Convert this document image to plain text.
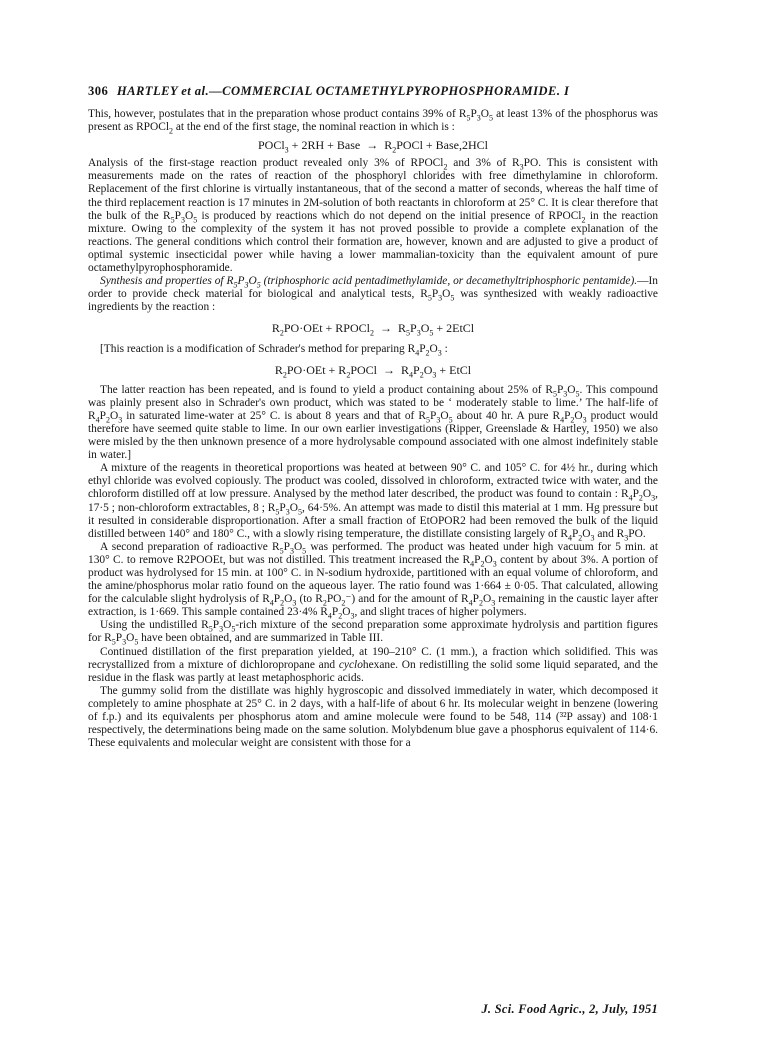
306 HARTLEY et al.—COMMERCIAL OCTAMETHYLPYROPHOSPHORAMIDE. I

This, however, postulates that in the preparation whose product contains 39% of $R_5P_3O_5$ at least 13% of the phosphorus was present as RPOCl$_2$ at the end of the first stage, the nominal reaction in which is :

POCl$_3$ + 2RH + Base  →  $R_2POCl$ + Base,2HCl

Analysis of the first-stage reaction product revealed only 3% of RPOCl$_2$ and 3% of $R_3PO$. This is consistent with measurements made on the rates of reaction of the phosphoryl chlorides with free dimethylamine in chloroform. Replacement of the first chlorine is virtually instantaneous, that of the second a matter of seconds, whereas the half time of the third replacement reaction is 17 minutes in 2M-solution of both reactants in chloroform at 25° C. It is clear therefore that the bulk of the $R_5P_3O_5$ is produced by reactions which do not depend on the initial presence of RPOCl$_2$ in the reaction mixture. Owing to the complexity of the system it has not proved possible to provide a complete explanation of the reactions. The general conditions which control their formation are, however, known and are adjusted to give a product of optimal systemic insecticidal power while having a lower mammalian-toxicity than the equivalent amount of pure octamethylpyrophosphoramide.

Synthesis and properties of $R_5P_3O_5$ (triphosphoric acid pentadimethylamide, or decamethyltriphosphoric pentamide).—In order to provide check material for biological and analytical tests, $R_5P_3O_5$ was synthesized with weakly radioactive ingredients by the reaction :

$R_2PO\cdot OEt$ + RPOCl$_2$  →  $R_5P_3O_5$ + 2EtCl

[This reaction is a modification of Schrader's method for preparing $R_4P_2O_3$ :

$R_2PO\cdot OEt$ + $R_2POCl \to R_4P_2O_3$ + EtCl

The latter reaction has been repeated, and is found to yield a product containing about 25% of $R_5P_3O_5$. This compound was plainly present also in Schrader's own product, which was stated to be ‘ moderately stable to lime.’ The half-life of $R_4P_2O_3$ in saturated lime-water at 25° C. is about 8 years and that of $R_5P_3O_5$ about 40 hr. A pure $R_4P_2O_3$ product would therefore have seemed quite stable to lime. In our own earlier investigations (Ripper, Greenslade & Hartley, 1950) we also were misled by the then unknown presence of a more hydrolysable compound associated with one almost indefinitely stable in water.]

A mixture of the reagents in theoretical proportions was heated at between 90° C. and 105° C. for 4½ hr., during which ethyl chloride was evolved copiously. The product was cooled, dissolved in chloroform, extracted twice with water, and the chloroform distilled off at low pressure. Analysed by the method later described, the product was found to contain : $R_4P_2O_3$, 17·5 ; non-chloroform extractables, 8 ; $R_5P_3O_5$, 64·5%. An attempt was made to distil this material at 1 mm. Hg pressure but it resulted in considerable disproportionation. After a small fraction of EtOPOR2 had been removed the bulk of the liquid distilled between 140° and 180° C., with a slowly rising temperature, the distillate consisting largely of $R_4P_2O_3$ and $R_3PO$.

A second preparation of radioactive $R_5P_3O_5$ was performed. The product was heated under high vacuum for 5 min. at 130° C. to remove R2POOEt, but was not distilled. This treatment increased the $R_4P_2O_3$ content by about 3%. A portion of product was hydrolysed for 15 min. at 100° C. in N-sodium hydroxide, partitioned with an equal volume of chloroform, and the amine/phosphorus molar ratio found on the aqueous layer. The ratio found was 1·664 ± 0·05. That calculated, allowing for the calculable slight hydrolysis of $R_4P_2O_3$ (to $R_2PO_2^-$) and for the amount of $R_4P_2O_3$ remaining in the caustic layer after extraction, is 1·669. This sample contained 23·4% $R_4P_2O_3$, and slight traces of higher polymers.

Using the undistilled $R_5P_3O_5$-rich mixture of the second preparation some approximate hydrolysis and partition figures for $R_5P_3O_5$ have been obtained, and are summarized in Table III.

Continued distillation of the first preparation yielded, at 190–210° C. (1 mm.), a fraction which solidified. This was recrystallized from a mixture of dichloropropane and cyclohexane. On redistilling the solid some liquid separated, and the residue in the flask was partly at least metaphosphoric acids.

The gummy solid from the distillate was highly hygroscopic and dissolved immediately in water, which decomposed it completely to amine phosphate at 25° C. in 2 days, with a half-life of about 6 hr. Its molecular weight in benzene (lowering of f.p.) and its equivalents per phosphorus atom and amine molecule were found to be 548, 114 (³²P assay) and 108·1 respectively, the determinations being made on the same solution. Molybdenum blue gave a phosphorus equivalent of 114·6. These equivalents and molecular weight are consistent with those for a

J. Sci. Food Agric., 2, July, 1951
